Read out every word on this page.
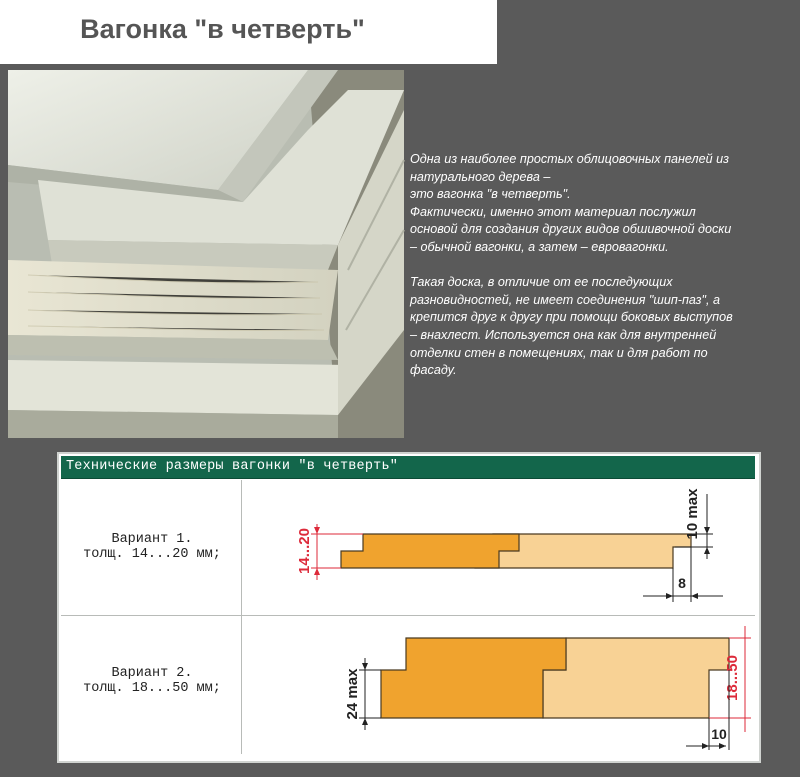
Вагонка "в четверть"

Одна из наиболее простых облицовочных панелей из
натурального дерева –
это вагонка "в четверть".
Фактически, именно этот материал послужил
основой для создания других видов обшивочной доски
– обычной вагонки, а затем – евровагонки.

Такая доска, в отличие от ее последующих
разновидностей, не имеет соединения "шип-паз", а
крепится друг к другу при помощи боковых выступов
– внахлест. Используется она как для внутренней
отделки стен в помещениях, так и для работ по
фасаду.

Технические размеры вагонки "в четверть"
Вариант 1.
толщ. 14...20 мм;	14...20
10 max
8
Вариант 2.
толщ. 18...50 мм;	24 max	18...50
10
